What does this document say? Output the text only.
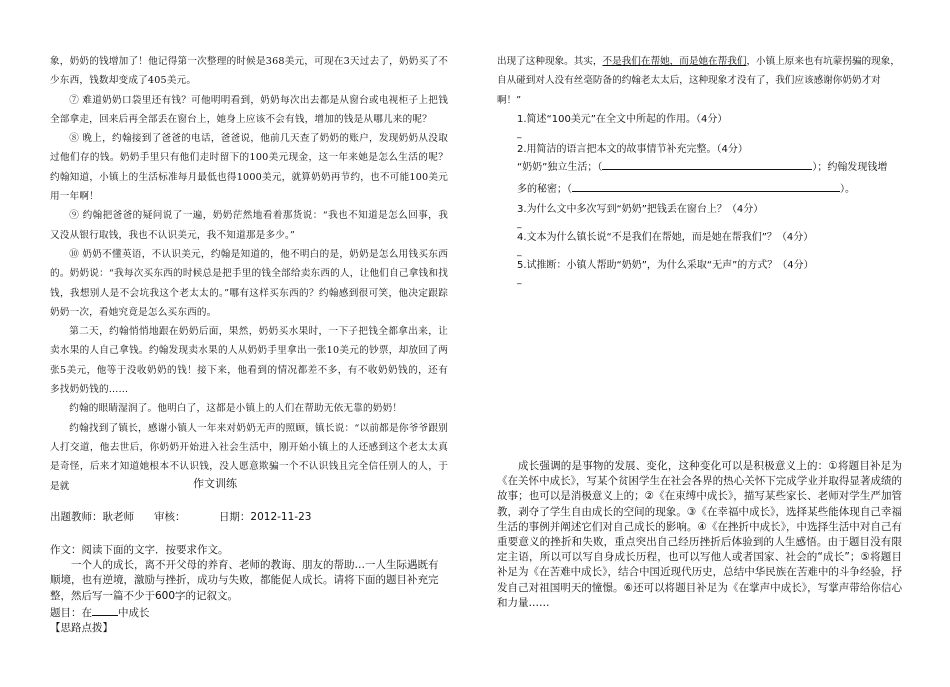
象，奶奶的钱增加了！他记得第一次整理的时候是368美元，可现在3天过去了，奶奶买了不少东西，钱数却变成了405美元。

⑦ 难道奶奶口袋里还有钱？可他明明看到，奶奶每次出去都是从窗台或电视柜子上把钱全部拿走，回来后再全部丢在窗台上，她身上应该不会有钱，增加的钱是从哪儿来的呢？

⑧ 晚上，约翰接到了爸爸的电话，爸爸说，他前几天查了奶奶的账户，发现奶奶从没取过他们存的钱。奶奶手里只有他们走时留下的100美元现金，这一年来她是怎么生活的呢？约翰知道，小镇上的生活标准每月最低也得1000美元，就算奶奶再节约，也不可能100美元用一年啊！

⑨ 约翰把爸爸的疑问说了一遍，奶奶茫然地看着那货说：“我也不知道是怎么回事，我又没从银行取钱，我也不认识美元，我不知道那是多少。”

⑩ 奶奶不懂英语，不认识美元，约翰是知道的，他不明白的是，奶奶是怎么用钱买东西的。奶奶说：“我每次买东西的时候总是把手里的钱全部给卖东西的人，让他们自己拿钱和找钱，我想别人是不会坑我这个老太太的。”哪有这样买东西的？约翰感到很可笑，他决定跟踪奶奶一次，看她究竟是怎么买东西的。

第二天，约翰悄悄地跟在奶奶后面，果然，奶奶买水果时，一下子把钱全都拿出来，让卖水果的人自己拿钱。约翰发现卖水果的人从奶奶手里拿出一张10美元的钞票，却放回了两张5美元，他等于没收奶奶的钱！接下来，他看到的情况都差不多，有不收奶奶钱的，还有多找奶奶钱的……

约翰的眼睛湿润了。他明白了，这都是小镇上的人们在帮助无依无靠的奶奶！

约翰找到了镇长，感谢小镇人一年来对奶奶无声的照顾，镇长说：“以前都是你爷爷跟别人打交道，他去世后，你奶奶开始进入社会生活中，刚开始小镇上的人还感到这个老太太真是奇怪，后来才知道她根本不认识钱，没人愿意欺骗一个不认识钱且完全信任别人的人，于是就	作文训练
出题教师：耿老师 审核：	日期：2012-11-23

作文：阅读下面的文字．按要求作文。

一个人的成长，离不开父母的养育、老师的教诲、朋友的帮助…一人生际遇既有顺境，也有逆境，激励与挫折，成功与失败，都能促人成长。请将下面的题目补充完整，然后写一篇不少于600字的记叙文。

题目：在 中成长

【思路点拨】

出现了这种现象。其实，不是我们在帮她，而是她在帮我们，小镇上原来也有坑蒙拐骗的现象，

自从碰到对人没有丝毫防备的约翰老太太后，这种现象才没有了，我们应该感谢你奶奶才对

啊！”

1.简述“100美元”在全文中所起的作用。（4分）

_

2.用简洁的语言把本文的故事情节补充完整。（4分）

“奶奶”独立生活；（	）；约翰发现钱增

多的秘密；（	）。

3.为什么文中多次写到“奶奶”把钱丢在窗台上？（4分）

_

4.文本为什么镇长说“不是我们在帮她，而是她在帮我们”？（4分）

_

5.试推断：小镇人帮助“奶奶”，为什么采取“无声”的方式？（4分）

_

成长强调的是事物的发展、变化，这种变化可以是积极意义上的：①将题目补足为《在关怀中成长》，写某个贫困学生在社会各界的热心关怀下完成学业并取得显著成绩的故事；也可以是消极意义上的；②《在束缚中成长》，描写某些家长、老师对学生严加管教，剥夺了学生自由成长的空间的现象。③《在幸福中成长》，选择某些能体现自己幸福生活的事例并阐述它们对自己成长的影响。④《在挫折中成长》，中选择生活中对自己有重要意义的挫折和失败，重点突出自己经历挫折后体验到的人生感悟。由于题目没有限定主语，所以可以写自身成长历程，也可以写他人或者国家、社会的“成长”；⑤将题目补足为《在苦难中成长》，结合中国近现代历史，总结中华民族在苦难中的斗争经验，抒发自己对祖国明天的憧憬。⑥还可以将题目补足为《在掌声中成长》，写掌声带给你信心和力量……
